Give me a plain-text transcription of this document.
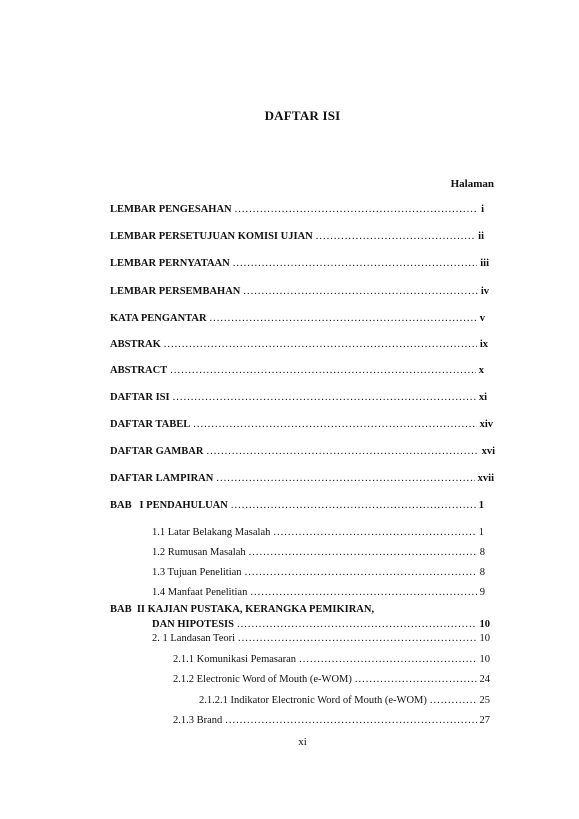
DAFTAR ISI
Halaman
LEMBAR PENGESAHAN .....	i
LEMBAR PERSETUJUAN KOMISI UJIAN .....	ii
LEMBAR PERNYATAAN .....	iii
LEMBAR PERSEMBAHAN .....	iv
KATA PENGANTAR .....	v
ABSTRAK .....	ix
ABSTRACT .....	x
DAFTAR ISI .....	xi
DAFTAR TABEL .....	xiv
DAFTAR GAMBAR .....	xvi
DAFTAR LAMPIRAN .....	xvii
BAB   I PENDAHULUAN .....	1
1.1 Latar Belakang Masalah .....	1
1.2 Rumusan Masalah .....	8
1.3 Tujuan Penelitian .....	8
1.4 Manfaat Penelitian .....	9
BAB  II KAJIAN PUSTAKA, KERANGKA PEMIKIRAN,
DAN HIPOTESIS .....	10
2. 1 Landasan Teori .....	10
2.1.1 Komunikasi Pemasaran .....	10
2.1.2 Electronic Word of Mouth (e-WOM) .....	24
2.1.2.1 Indikator Electronic Word of Mouth (e-WOM) .....	25
2.1.3 Brand .....	27
xi
